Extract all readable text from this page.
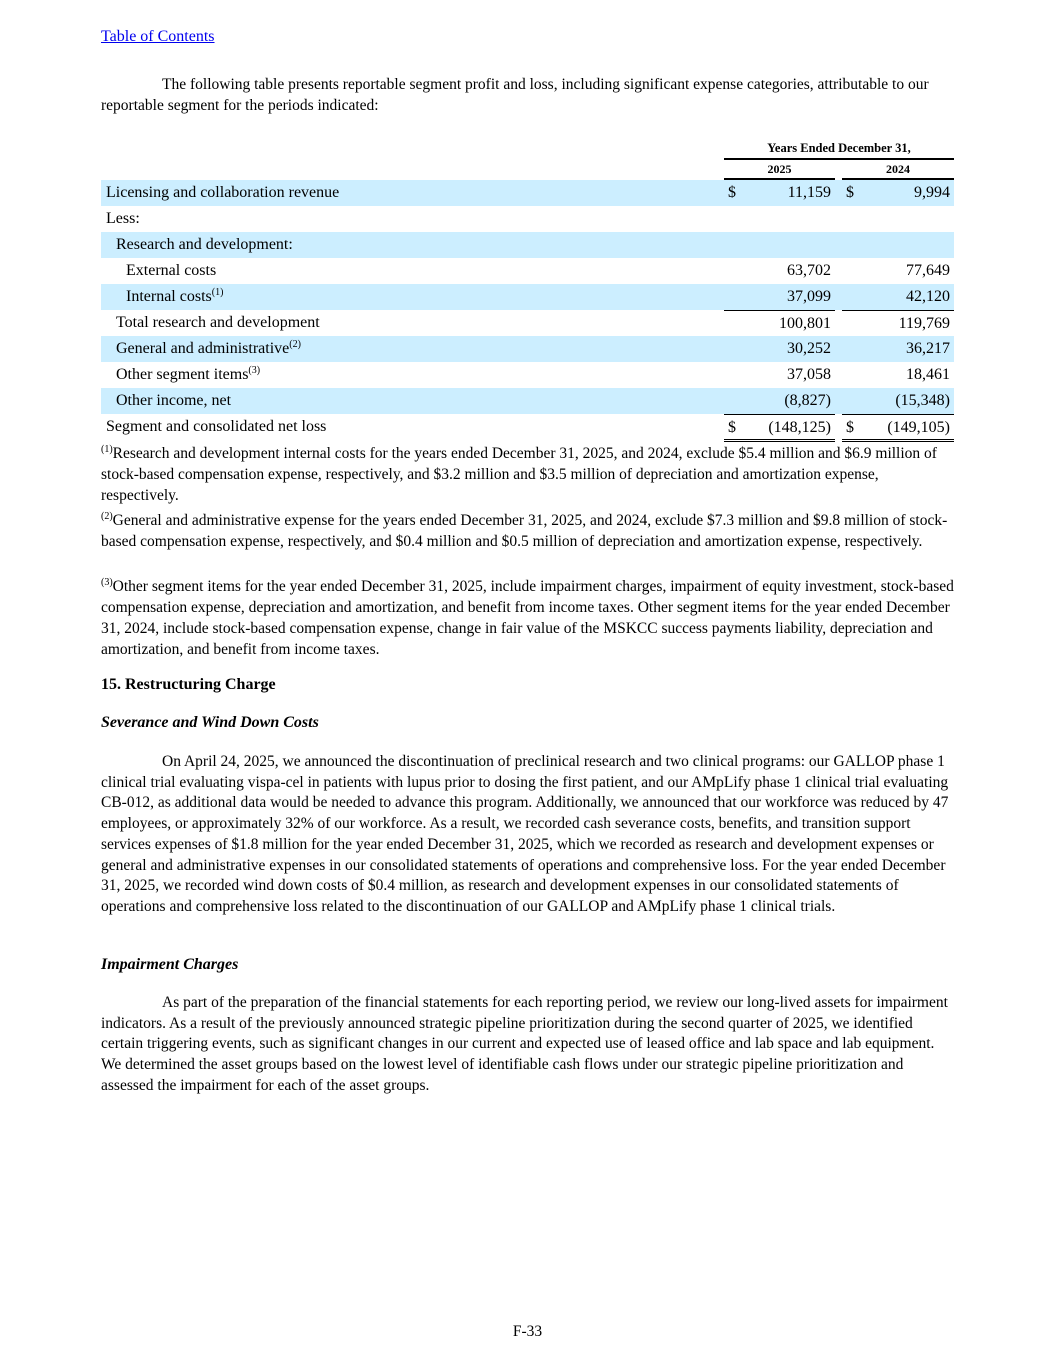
Table of Contents

The following table presents reportable segment profit and loss, including significant expense categories, attributable to our reportable segment for the periods indicated:

Years Ended December 31,
2025	2024
Licensing and collaboration revenue	$	11,159 $	9,994
Less:
Research and development:
External costs	63,702	77,649
Internal costs$^{(1)}$	37,099	42,120
Total research and development	100,801	119,769
General and administrative$^{(2)}$	30,252	36,217
Other segment items$^{(3)}$	37,058	18,461
Other income, net	(8,827)	(15,348)
Segment and consolidated net loss	$ (148,125) $ (149,105)

$^{(1)}$Research and development internal costs for the years ended December 31, 2025, and 2024, exclude $5.4 million and $6.9 million of stock-based compensation expense, respectively, and $3.2 million and $3.5 million of depreciation and amortization expense, respectively.

$^{(2)}$General and administrative expense for the years ended December 31, 2025, and 2024, exclude $7.3 million and $9.8 million of stock-based compensation expense, respectively, and $0.4 million and $0.5 million of depreciation and amortization expense, respectively.

$^{(3)}$Other segment items for the year ended December 31, 2025, include impairment charges, impairment of equity investment, stock-based compensation expense, depreciation and amortization, and benefit from income taxes. Other segment items for the year ended December 31, 2024, include stock-based compensation expense, change in fair value of the MSKCC success payments liability, depreciation and amortization, and benefit from income taxes.

15. Restructuring Charge
Severance and Wind Down Costs

On April 24, 2025, we announced the discontinuation of preclinical research and two clinical programs: our GALLOP phase 1 clinical trial evaluating vispa-cel in patients with lupus prior to dosing the first patient, and our AMpLify phase 1 clinical trial evaluating CB-012, as additional data would be needed to advance this program. Additionally, we announced that our workforce was reduced by 47 employees, or approximately 32% of our workforce. As a result, we recorded cash severance costs, benefits, and transition support services expenses of $1.8 million for the year ended December 31, 2025, which we recorded as research and development expenses or general and administrative expenses in our consolidated statements of operations and comprehensive loss. For the year ended December 31, 2025, we recorded wind down costs of $0.4 million, as research and development expenses in our consolidated statements of operations and comprehensive loss related to the discontinuation of our GALLOP and AMpLify phase 1 clinical trials.

Impairment Charges

As part of the preparation of the financial statements for each reporting period, we review our long-lived assets for impairment indicators. As a result of the previously announced strategic pipeline prioritization during the second quarter of 2025, we identified certain triggering events, such as significant changes in our current and expected use of leased office and lab space and lab equipment. We determined the asset groups based on the lowest level of identifiable cash flows under our strategic pipeline prioritization and assessed the impairment for each of the asset groups.

F-33
